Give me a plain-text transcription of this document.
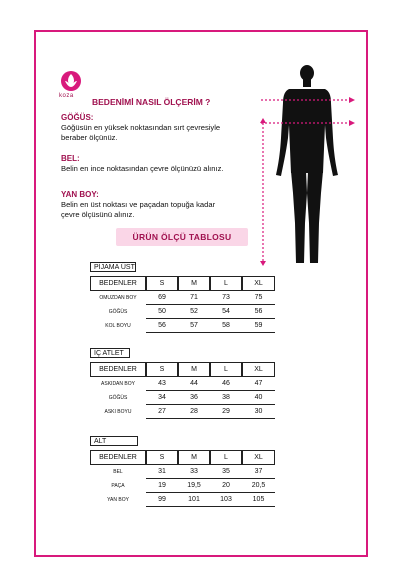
koza
BEDENİMİ NASIL ÖLÇERİM ?
GÖĞÜS:
Göğüsün en yüksek noktasından sırt çevresiyle
beraber ölçünüz.
BEL:
Belin en ince noktasından çevre ölçünüzü alınız.
YAN BOY:
Belin en üst noktası ve paçadan topuğa kadar
çevre ölçüsünü alınız.
ÜRÜN ÖLÇÜ TABLOSU
PİJAMA ÜST
BEDENLER	S	M	L	XL
OMUZDAN BOY	69	71	73	75
GÖĞÜS	50	52	54	56
KOL BOYU	56	57	58	59
İÇ ATLET
BEDENLER	S	M	L	XL
ASKIDAN BOY	43	44	46	47
GÖĞÜS	34	36	38	40
ASKI BOYU	27	28	29	30
ALT
BEDENLER	S	M	L	XL
BEL	31	33	35	37
PAÇA	19	19,5	20	20,5
YAN BOY	99	101	103	105
